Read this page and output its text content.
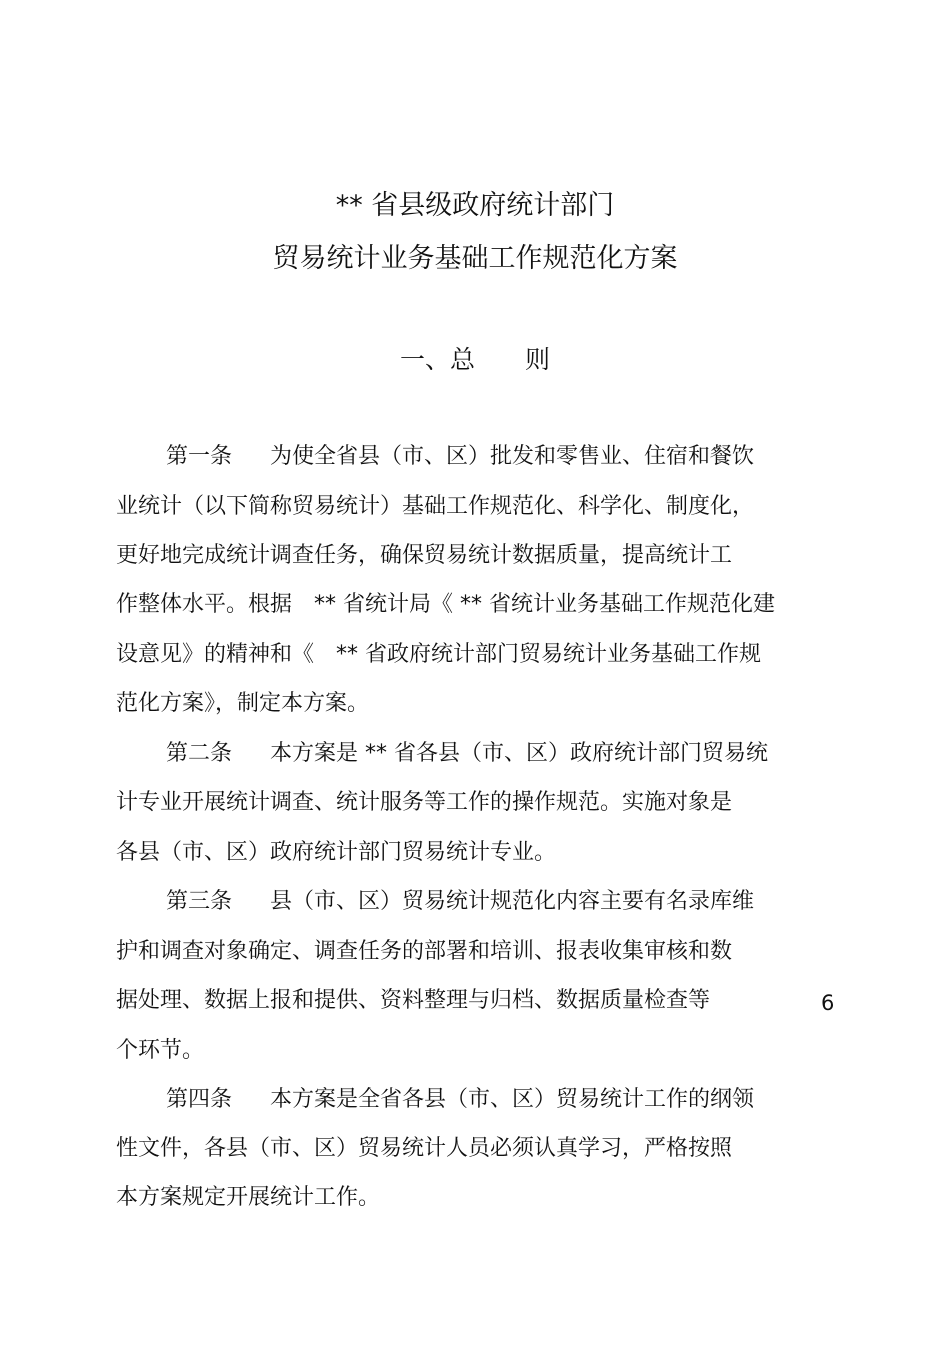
** 省县级政府统计部门
贸易统计业务基础工作规范化方案
一、总　　则
第一条 为使全省县（市、区）批发和零售业、住宿和餐饮
业统计（以下简称贸易统计）基础工作规范化、科学化、制度化，
更好地完成统计调查任务，确保贸易统计数据质量，提高统计工
作整体水平。根据　** 省统计局《 ** 省统计业务基础工作规范化建
设意见》的精神和《　** 省政府统计部门贸易统计业务基础工作规
范化方案》，制定本方案。
第二条 本方案是 ** 省各县（市、区）政府统计部门贸易统
计专业开展统计调查、统计服务等工作的操作规范。实施对象是
各县（市、区）政府统计部门贸易统计专业。
第三条 县（市、区）贸易统计规范化内容主要有名录库维
护和调查对象确定、调查任务的部署和培训、报表收集审核和数
据处理、数据上报和提供、资料整理与归档、数据质量检查等	6
个环节。
第四条 本方案是全省各县（市、区）贸易统计工作的纲领
性文件，各县（市、区）贸易统计人员必须认真学习，严格按照
本方案规定开展统计工作。
